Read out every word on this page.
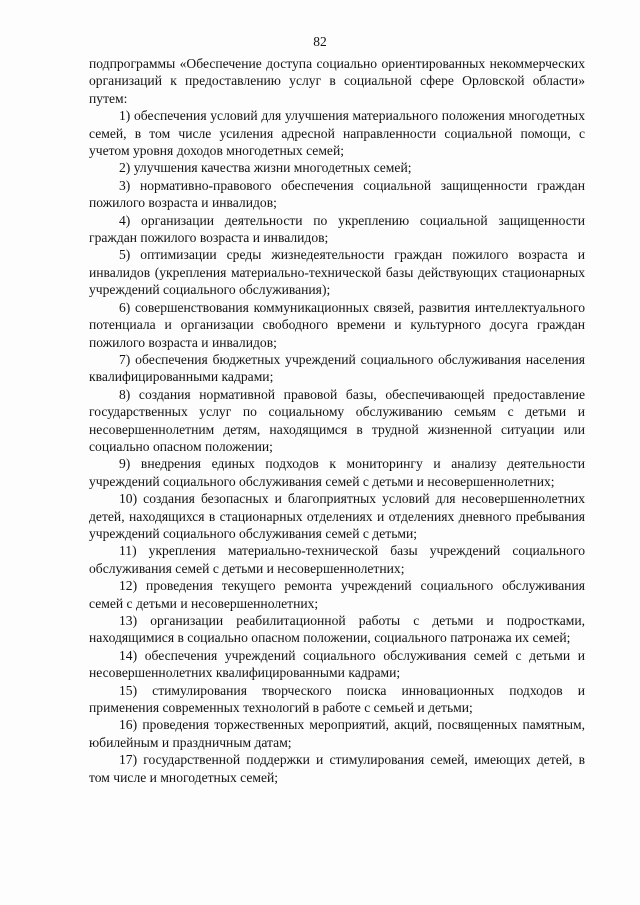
82

подпрограммы «Обеспечение доступа социально ориентированных некоммерческих организаций к предоставлению услуг в социальной сфере Орловской области» путем:

1) обеспечения условий для улучшения материального положения многодетных семей, в том числе усиления адресной направленности социальной помощи, с учетом уровня доходов многодетных семей;

2) улучшения качества жизни многодетных семей;

3) нормативно-правового обеспечения социальной защищенности граждан пожилого возраста и инвалидов;

4) организации деятельности по укреплению социальной защищенности граждан пожилого возраста и инвалидов;

5) оптимизации среды жизнедеятельности граждан пожилого возраста и инвалидов (укрепления материально-технической базы действующих стационарных учреждений социального обслуживания);

6) совершенствования коммуникационных связей, развития интеллектуального потенциала и организации свободного времени и культурного досуга граждан пожилого возраста и инвалидов;

7) обеспечения бюджетных учреждений социального обслуживания населения квалифицированными кадрами;

8) создания нормативной правовой базы, обеспечивающей предоставление государственных услуг по социальному обслуживанию семьям с детьми и несовершеннолетним детям, находящимся в трудной жизненной ситуации или социально опасном положении;

9) внедрения единых подходов к мониторингу и анализу деятельности учреждений социального обслуживания семей с детьми и несовершеннолетних;

10) создания безопасных и благоприятных условий для несовершеннолетних детей, находящихся в стационарных отделениях и отделениях дневного пребывания учреждений социального обслуживания семей с детьми;

11) укрепления материально-технической базы учреждений социального обслуживания семей с детьми и несовершеннолетних;

12) проведения текущего ремонта учреждений социального обслуживания семей с детьми и несовершеннолетних;

13) организации реабилитационной работы с детьми и подростками, находящимися в социально опасном положении, социального патронажа их семей;

14) обеспечения учреждений социального обслуживания семей с детьми и несовершеннолетних квалифицированными кадрами;

15) стимулирования творческого поиска инновационных подходов и применения современных технологий в работе с семьей и детьми;

16) проведения торжественных мероприятий, акций, посвященных памятным, юбилейным и праздничным датам;

17) государственной поддержки и стимулирования семей, имеющих детей, в том числе и многодетных семей;
